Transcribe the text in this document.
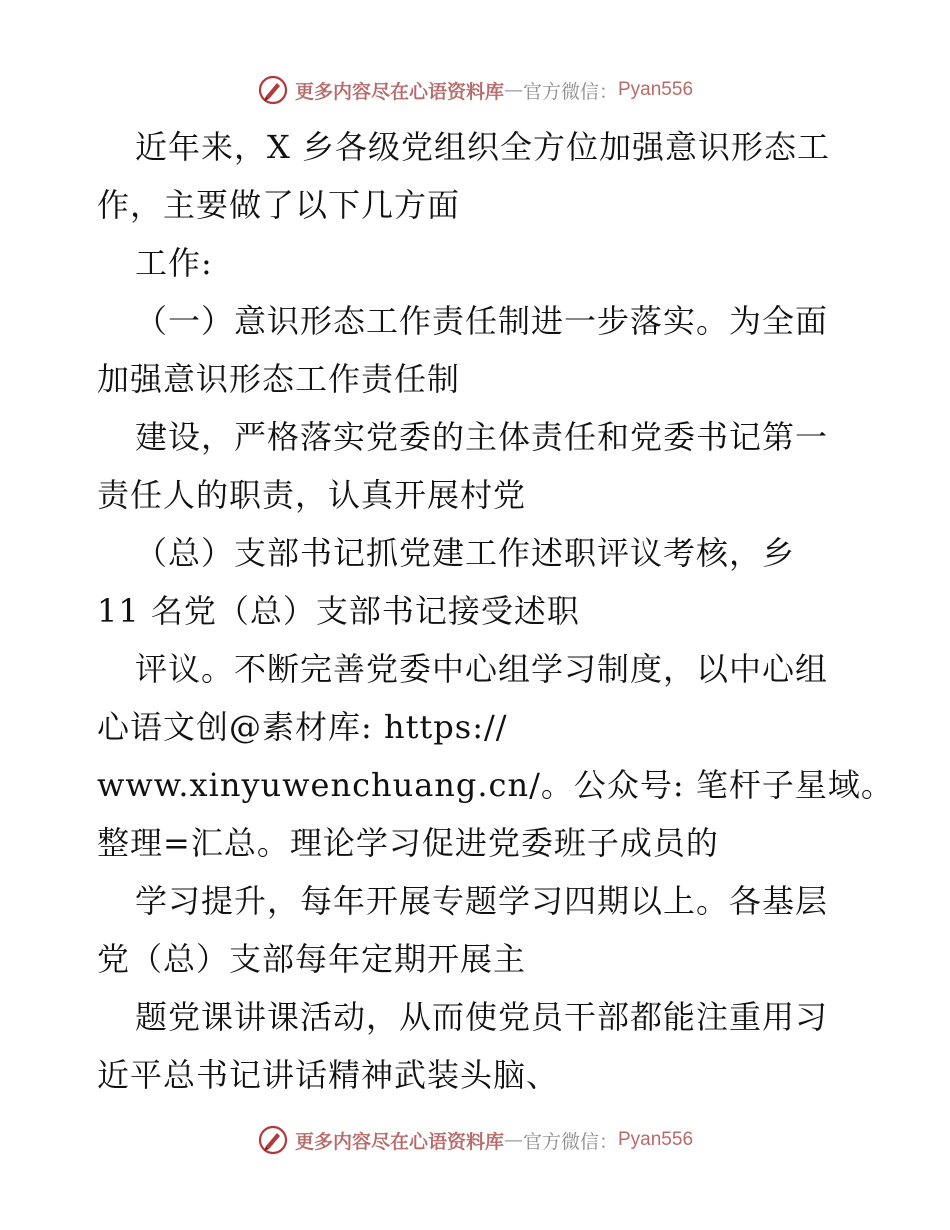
更多内容尽在心语资料库 — 官方微信： Pyan556
近年来，X 乡各级党组织全方位加强意识形态工
作，主要做了以下几方面
工作:
（一）意识形态工作责任制进一步落实。为全面
加强意识形态工作责任制
建设，严格落实党委的主体责任和党委书记第一
责任人的职责，认真开展村党
（总）支部书记抓党建工作述职评议考核，乡
11 名党（总）支部书记接受述职
评议。不断完善党委中心组学习制度，以中心组
心语文创@素材库: https://
www.xinyuwenchuang.cn/。公众号: 笔杆子星域。
整理=汇总。理论学习促进党委班子成员的
学习提升，每年开展专题学习四期以上。各基层
党（总）支部每年定期开展主
题党课讲课活动，从而使党员干部都能注重用习
近平总书记讲话精神武装头脑、
更多内容尽在心语资料库 — 官方微信： Pyan556
